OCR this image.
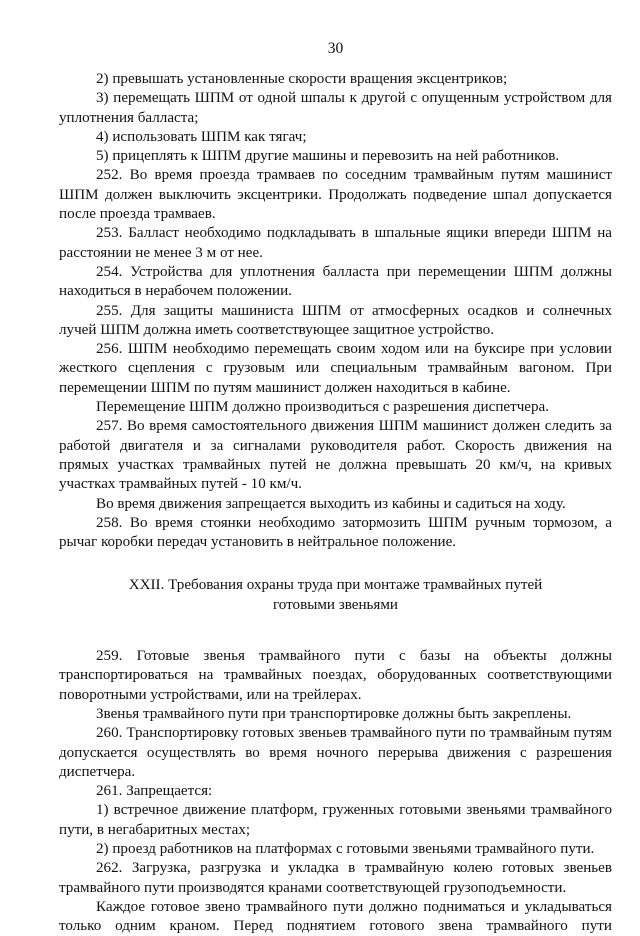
30

2) превышать установленные скорости вращения эксцентриков;

3) перемещать ШПМ от одной шпалы к другой с опущенным устройством для уплотнения балласта;

4) использовать ШПМ как тягач;

5) прицеплять к ШПМ другие машины и перевозить на ней работников.

252. Во время проезда трамваев по соседним трамвайным путям машинист ШПМ должен выключить эксцентрики. Продолжать подведение шпал допускается после проезда трамваев.

253. Балласт необходимо подкладывать в шпальные ящики впереди ШПМ на расстоянии не менее 3 м от нее.

254. Устройства для уплотнения балласта при перемещении ШПМ должны находиться в нерабочем положении.

255. Для защиты машиниста ШПМ от атмосферных осадков и солнечных лучей ШПМ должна иметь соответствующее защитное устройство.

256. ШПМ необходимо перемещать своим ходом или на буксире при условии жесткого сцепления с грузовым или специальным трамвайным вагоном. При перемещении ШПМ по путям машинист должен находиться в кабине.

Перемещение ШПМ должно производиться с разрешения диспетчера.

257. Во время самостоятельного движения ШПМ машинист должен следить за работой двигателя и за сигналами руководителя работ. Скорость движения на прямых участках трамвайных путей не должна превышать 20 км/ч, на кривых участках трамвайных путей - 10 км/ч.

Во время движения запрещается выходить из кабины и садиться на ходу.

258. Во время стоянки необходимо затормозить ШПМ ручным тормозом, а рычаг коробки передач установить в нейтральное положение.

XXII. Требования охраны труда при монтаже трамвайных путей
готовыми звеньями

259. Готовые звенья трамвайного пути с базы на объекты должны транспортироваться на трамвайных поездах, оборудованных соответствующими поворотными устройствами, или на трейлерах.

Звенья трамвайного пути при транспортировке должны быть закреплены.

260. Транспортировку готовых звеньев трамвайного пути по трамвайным путям допускается осуществлять во время ночного перерыва движения с разрешения диспетчера.

261. Запрещается:

1) встречное движение платформ, груженных готовыми звеньями трамвайного пути, в негабаритных местах;

2) проезд работников на платформах с готовыми звеньями трамвайного пути.

262. Загрузка, разгрузка и укладка в трамвайную колею готовых звеньев трамвайного пути производятся кранами соответствующей грузоподъемности.

Каждое готовое звено трамвайного пути должно подниматься и укладываться только одним краном. Перед поднятием готового звена трамвайного пути
